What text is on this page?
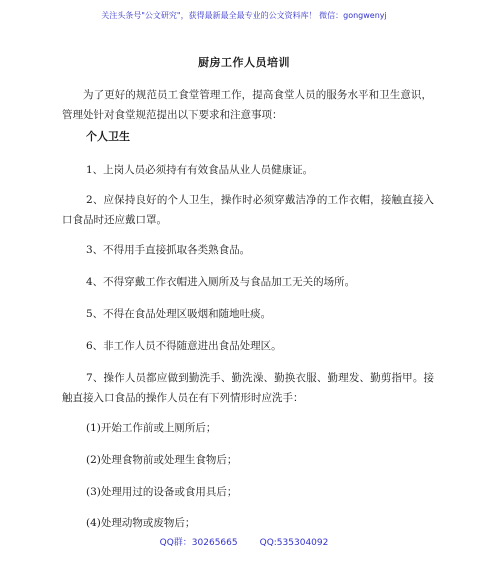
关注头条号"公文研究"，获得最新最全最专业的公文资料库！ 微信：gongwenyj
厨房工作人员培训
为了更好的规范员工食堂管理工作，提高食堂人员的服务水平和卫生意识，管理处针对食堂规范提出以下要求和注意事项：
个人卫生
1、上岗人员必须持有有效食品从业人员健康证。
2、应保持良好的个人卫生，操作时必须穿戴洁净的工作衣帽，接触直接入口食品时还应戴口罩。
3、不得用手直接抓取各类熟食品。
4、不得穿戴工作衣帽进入厕所及与食品加工无关的场所。
5、不得在食品处理区吸烟和随地吐痰。
6、非工作人员不得随意进出食品处理区。
7、操作人员都应做到勤洗手、勤洗澡、勤换衣服、勤理发、勤剪指甲。接触直接入口食品的操作人员在有下列情形时应洗手：
(1)开始工作前或上厕所后；
(2)处理食物前或处理生食物后；
(3)处理用过的设备或食用具后；
(4)处理动物或废物后；
QQ群：30265665 QQ:535304092
